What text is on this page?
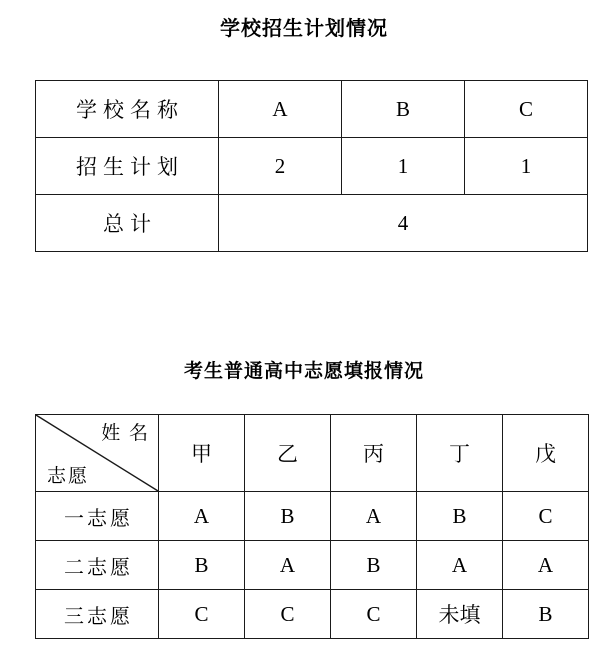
学校招生计划情况
学校名称	A	B	C
招生计划	2	1	1
总计	4		
考生普通高中志愿填报情况
姓 名
志愿	甲	乙	丙	丁	戊
一志愿	A	B	A	B	C
二志愿	B	A	B	A	A
三志愿	C	C	C	未填	B
